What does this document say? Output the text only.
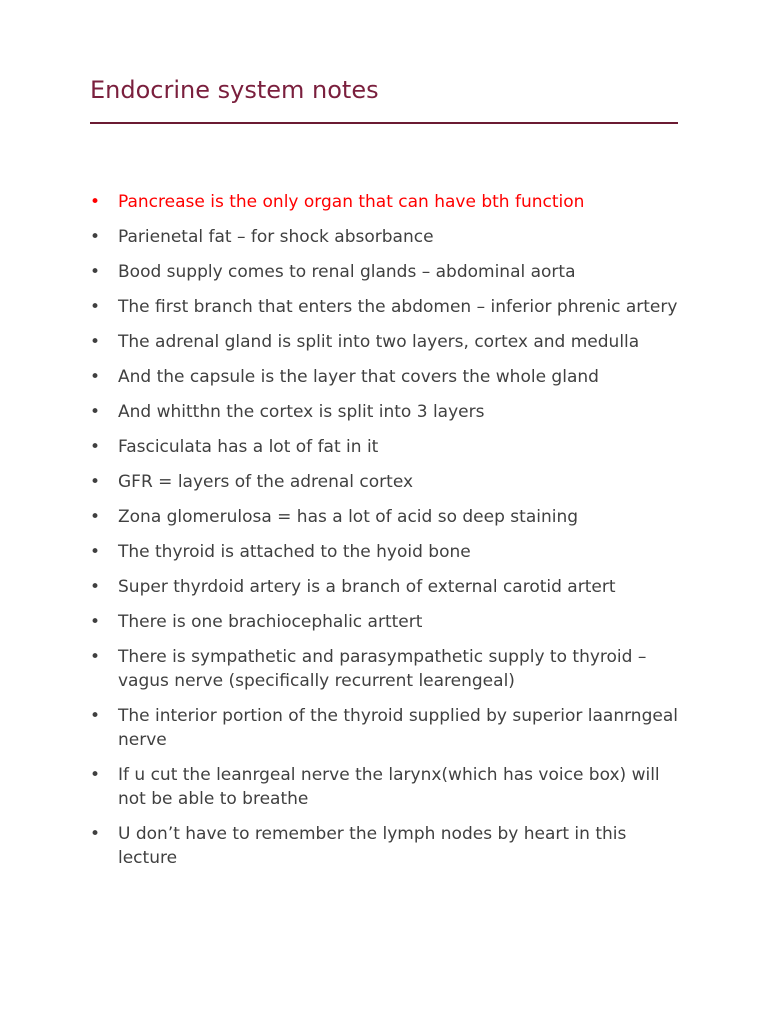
Endocrine system notes
•	Pancrease is the only organ that can have bth function
•	Parienetal fat – for shock absorbance
•	Bood supply comes to renal glands – abdominal aorta
•	The first branch that enters the abdomen – inferior phrenic artery
•	The adrenal gland is split into two layers, cortex and medulla
•	And the capsule is the layer that covers the whole gland
•	And whitthn the cortex is split into 3 layers
•	Fasciculata has a lot of fat in it
•	GFR = layers of the adrenal cortex
•	Zona glomerulosa = has a lot of acid so deep staining
•	The thyroid is attached to the hyoid bone
•	Super thyrdoid artery is a branch of external carotid artert
•	There is one brachiocephalic arttert
•	There is sympathetic and parasympathetic supply to thyroid – vagus nerve (specifically recurrent learengeal)
•	The interior portion of the thyroid supplied by superior laanrngeal nerve
•	If u cut the leanrgeal nerve the larynx(which has voice box) will not be able to breathe
•	U don’t have to remember the lymph nodes by heart in this lecture
